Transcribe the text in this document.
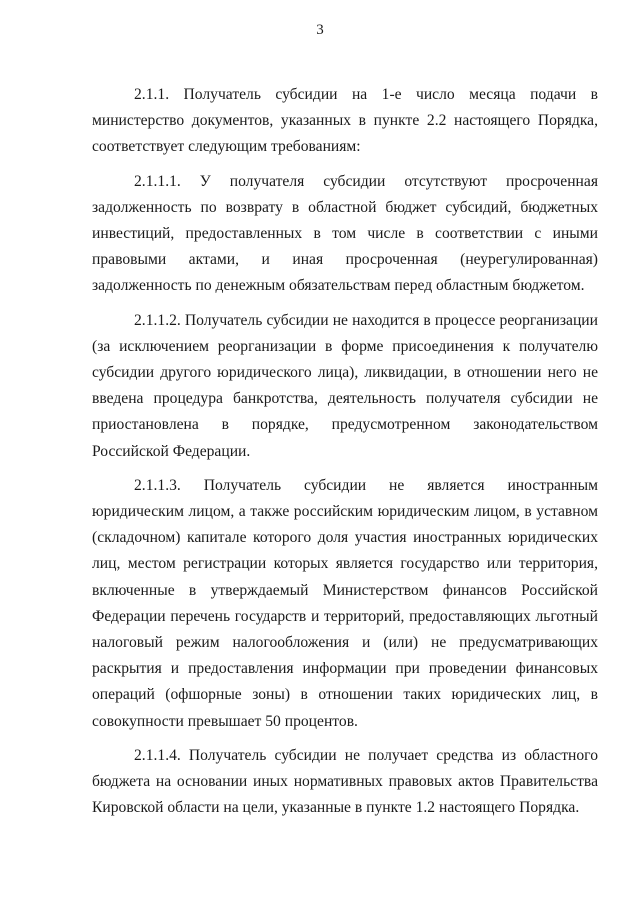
3

2.1.1. Получатель субсидии на 1-е число месяца подачи в министерство документов, указанных в пункте 2.2 настоящего Порядка, соответствует следующим требованиям:

2.1.1.1. У получателя субсидии отсутствуют просроченная задолженность по возврату в областной бюджет субсидий, бюджетных инвестиций, предоставленных в том числе в соответствии с иными правовыми актами, и иная просроченная (неурегулированная) задолженность по денежным обязательствам перед областным бюджетом.

2.1.1.2. Получатель субсидии не находится в процессе реорганизации (за исключением реорганизации в форме присоединения к получателю субсидии другого юридического лица), ликвидации, в отношении него не введена процедура банкротства, деятельность получателя субсидии не приостановлена в порядке, предусмотренном законодательством Российской Федерации.

2.1.1.3. Получатель субсидии не является иностранным юридическим лицом, а также российским юридическим лицом, в уставном (складочном) капитале которого доля участия иностранных юридических лиц, местом регистрации которых является государство или территория, включенные в утверждаемый Министерством финансов Российской Федерации перечень государств и территорий, предоставляющих льготный налоговый режим налогообложения и (или) не предусматривающих раскрытия и предоставления информации при проведении финансовых операций (офшорные зоны) в отношении таких юридических лиц, в совокупности превышает 50 процентов.

2.1.1.4. Получатель субсидии не получает средства из областного бюджета на основании иных нормативных правовых актов Правительства Кировской области на цели, указанные в пункте 1.2 настоящего Порядка.
